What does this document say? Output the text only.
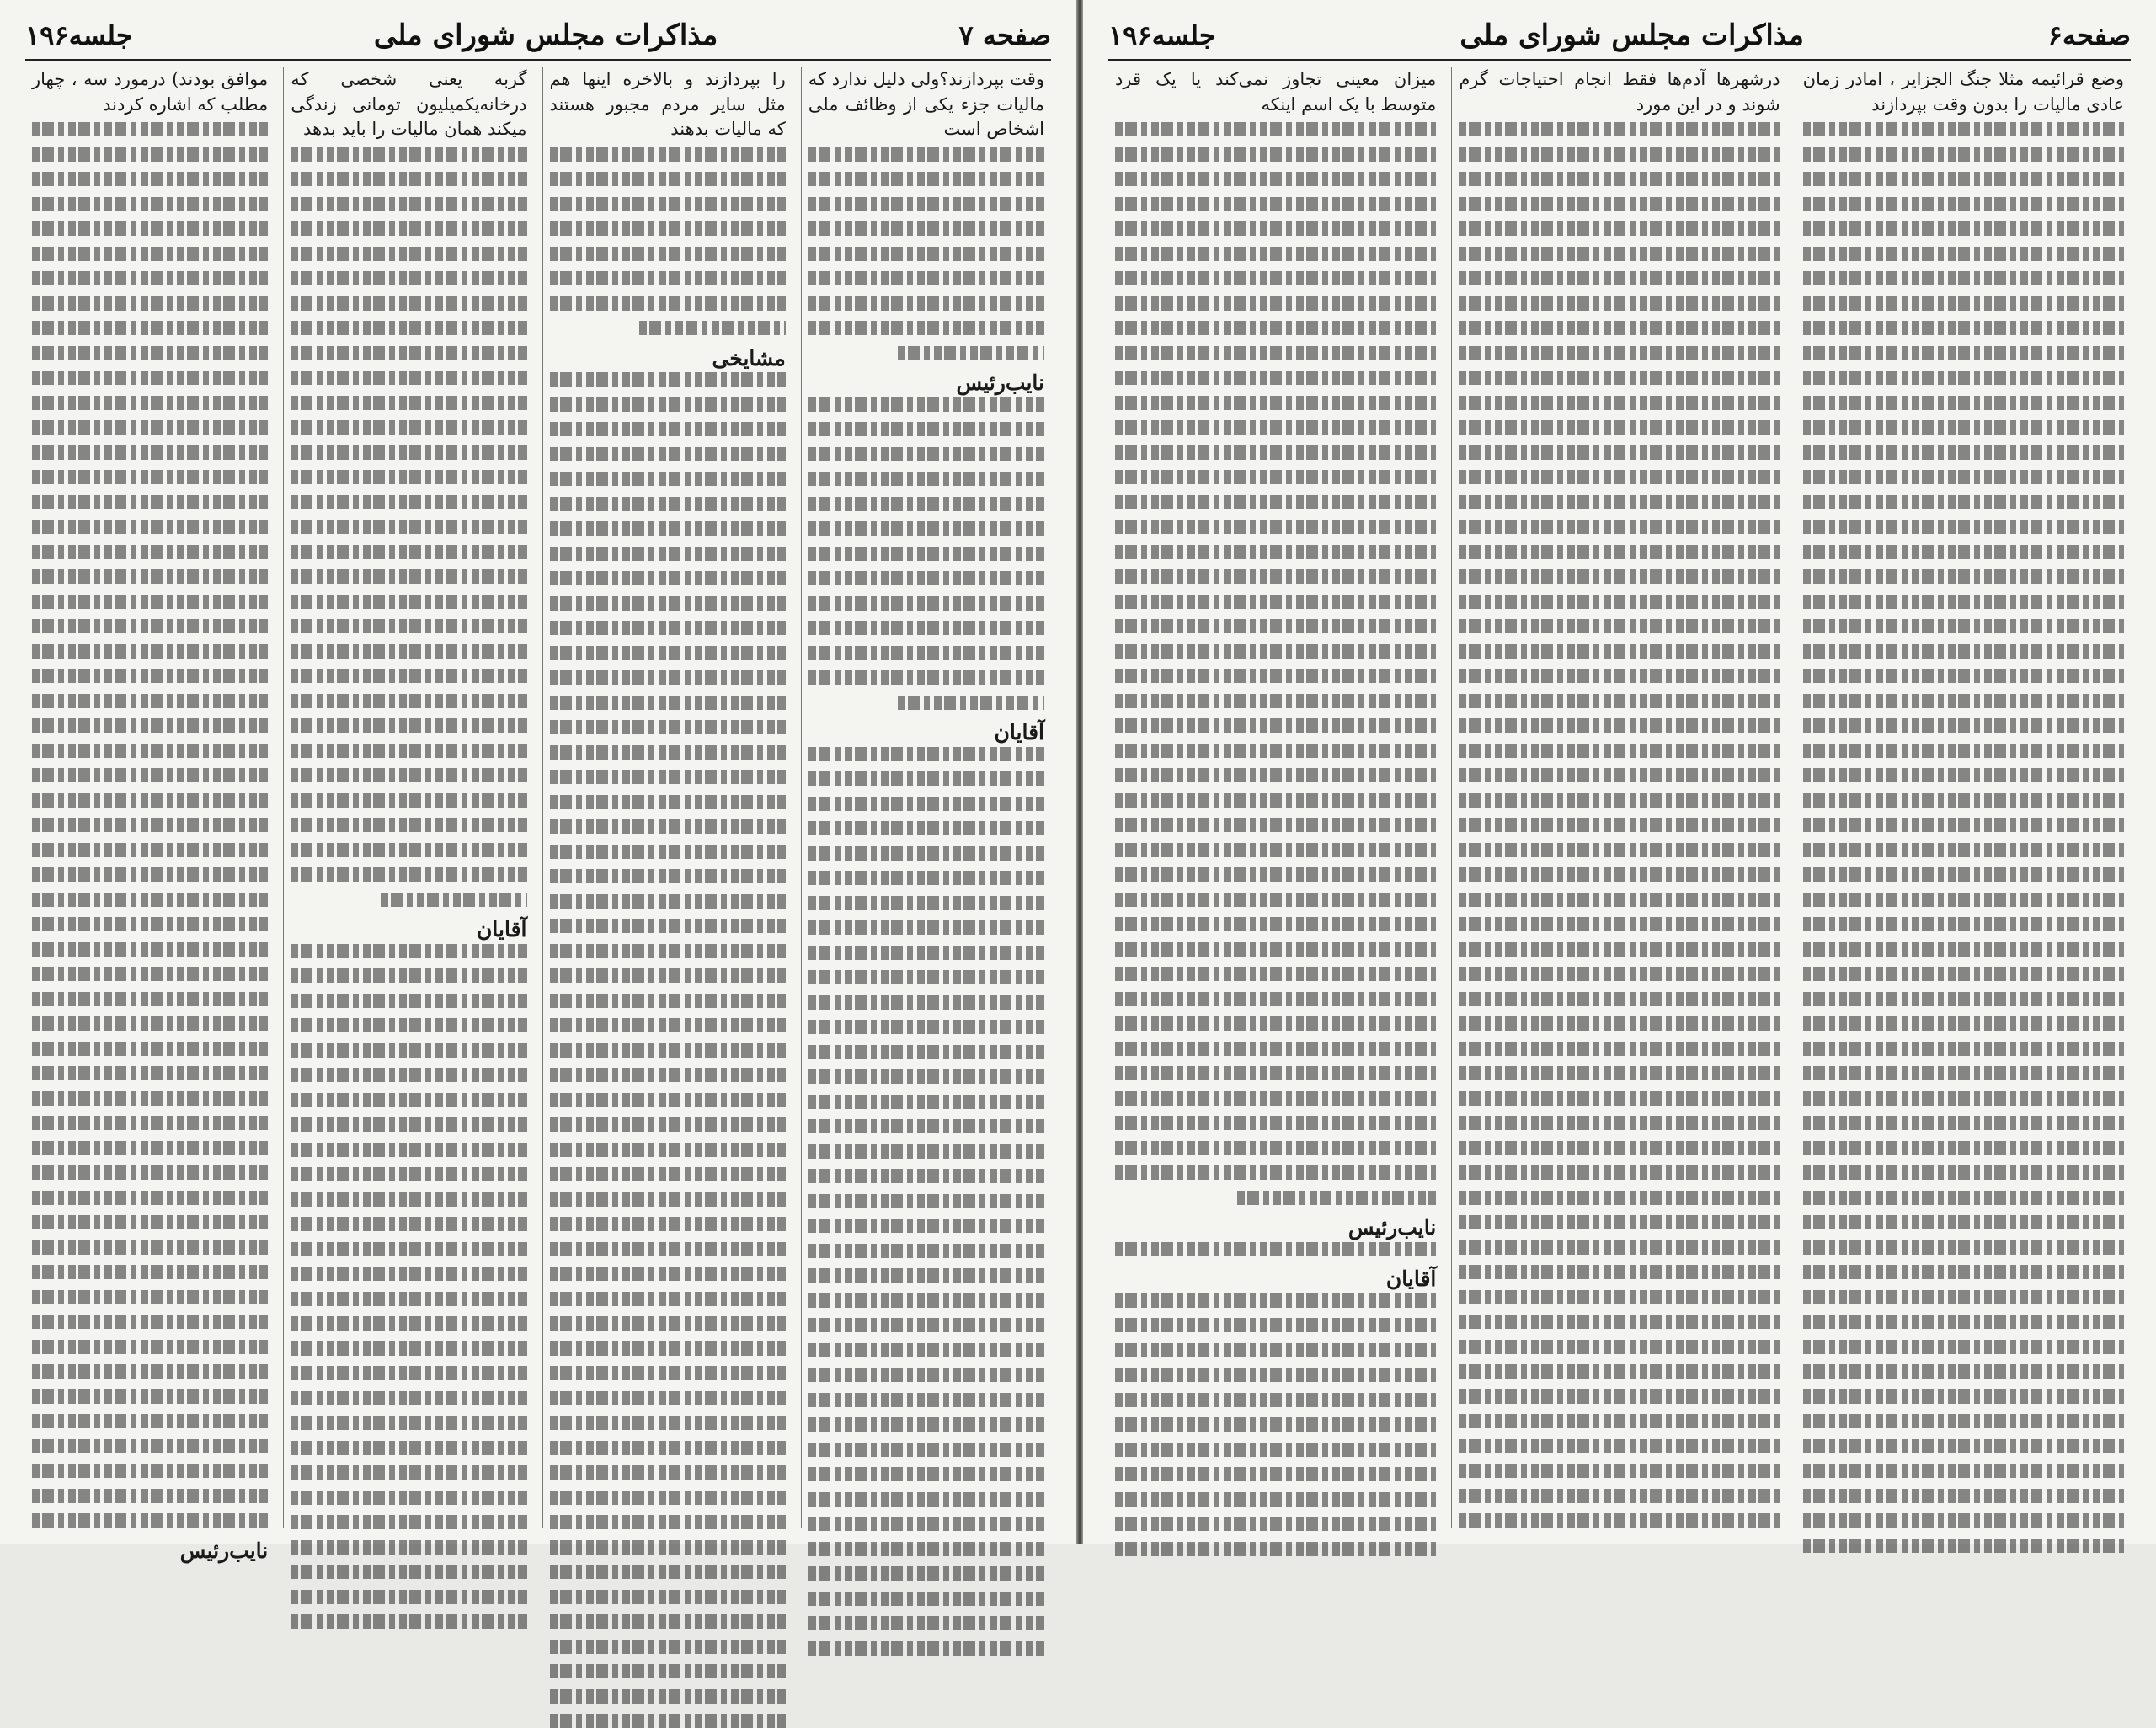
صفحه ۷
مذاکرات مجلس شورای ملی
جلسه۱۹۶

وقت بپردازند؟ولی دلیل ندارد که مالیات جزء یکی از وظائف ملی اشخاص است

نایب‌رئیس
آقایان

را بپردازند و بالاخره اینها هم مثل سایر مردم مجبور هستند که مالیات بدهند

مشایخی

گربه یعنی شخصی که درخانه‌یکمیلیون تومانی زندگی میکند همان مالیات را باید بدهد

آقایان

موافق بودند) درمورد سه ، چهار مطلب که اشاره کردند

نایب‌رئیس
صفحه۶
مذاکرات مجلس شورای ملی
جلسه۱۹۶

وضع قرائیمه مثلا جنگ الجزایر ، امادر زمان عادی مالیات را بدون وقت بپردازند

درشهرها آدم‌ها فقط انجام احتیاجات گرم شوند و در این مورد

میزان معینی تجاوز نمی‌کند یا یک قرد متوسط با یک اسم اینکه

نایب‌رئیس
آقایان
